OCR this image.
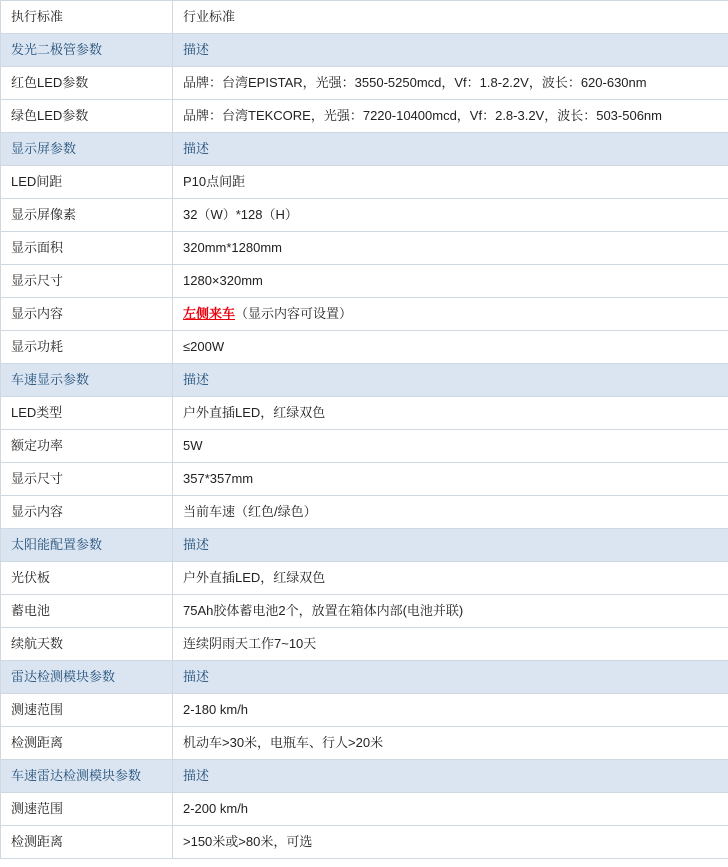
执行标准	行业标准
发光二极管参数	描述
红色LED参数	品牌：台湾EPISTAR，光强：3550-5250mcd，Vf：1.8-2.2V，波长：620-630nm
绿色LED参数	品牌：台湾TEKCORE，光强：7220-10400mcd，Vf：2.8-3.2V，波长：503-506nm
显示屏参数	描述
LED间距	P10点间距
显示屏像素	32（W）*128（H）
显示面积	320mm*1280mm
显示尺寸	1280×320mm
显示内容	左侧来车（显示内容可设置）
显示功耗	≤200W
车速显示参数	描述
LED类型	户外直插LED，红绿双色
额定功率	5W
显示尺寸	357*357mm
显示内容	当前车速（红色/绿色）
太阳能配置参数	描述
光伏板	户外直插LED，红绿双色
蓄电池	75Ah胶体蓄电池2个，放置在箱体内部(电池并联)
续航天数	连续阴雨天工作7~10天
雷达检测模块参数	描述
测速范围	2-180 km/h
检测距离	机动车>30米，电瓶车、行人>20米
车速雷达检测模块参数	描述
测速范围	2-200 km/h
检测距离	>150米或>80米，可选
